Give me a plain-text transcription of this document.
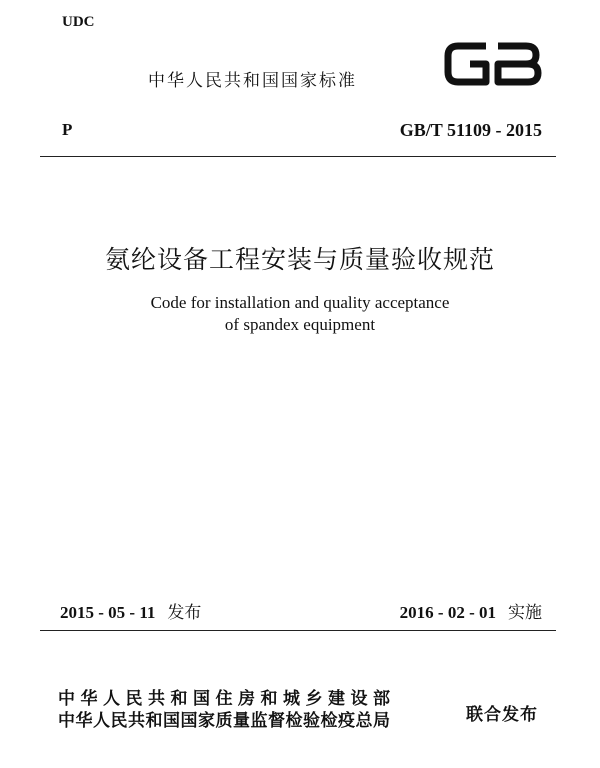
UDC
中华人民共和国国家标准
P	GB/T 51109 - 2015
氨纶设备工程安装与质量验收规范
Code for installation and quality acceptance
of spandex equipment
2015 - 05 - 11 发布	2016 - 02 - 01 实施
中华人民共和国住房和城乡建设部
中华人民共和国国家质量监督检验检疫总局	联合发布
